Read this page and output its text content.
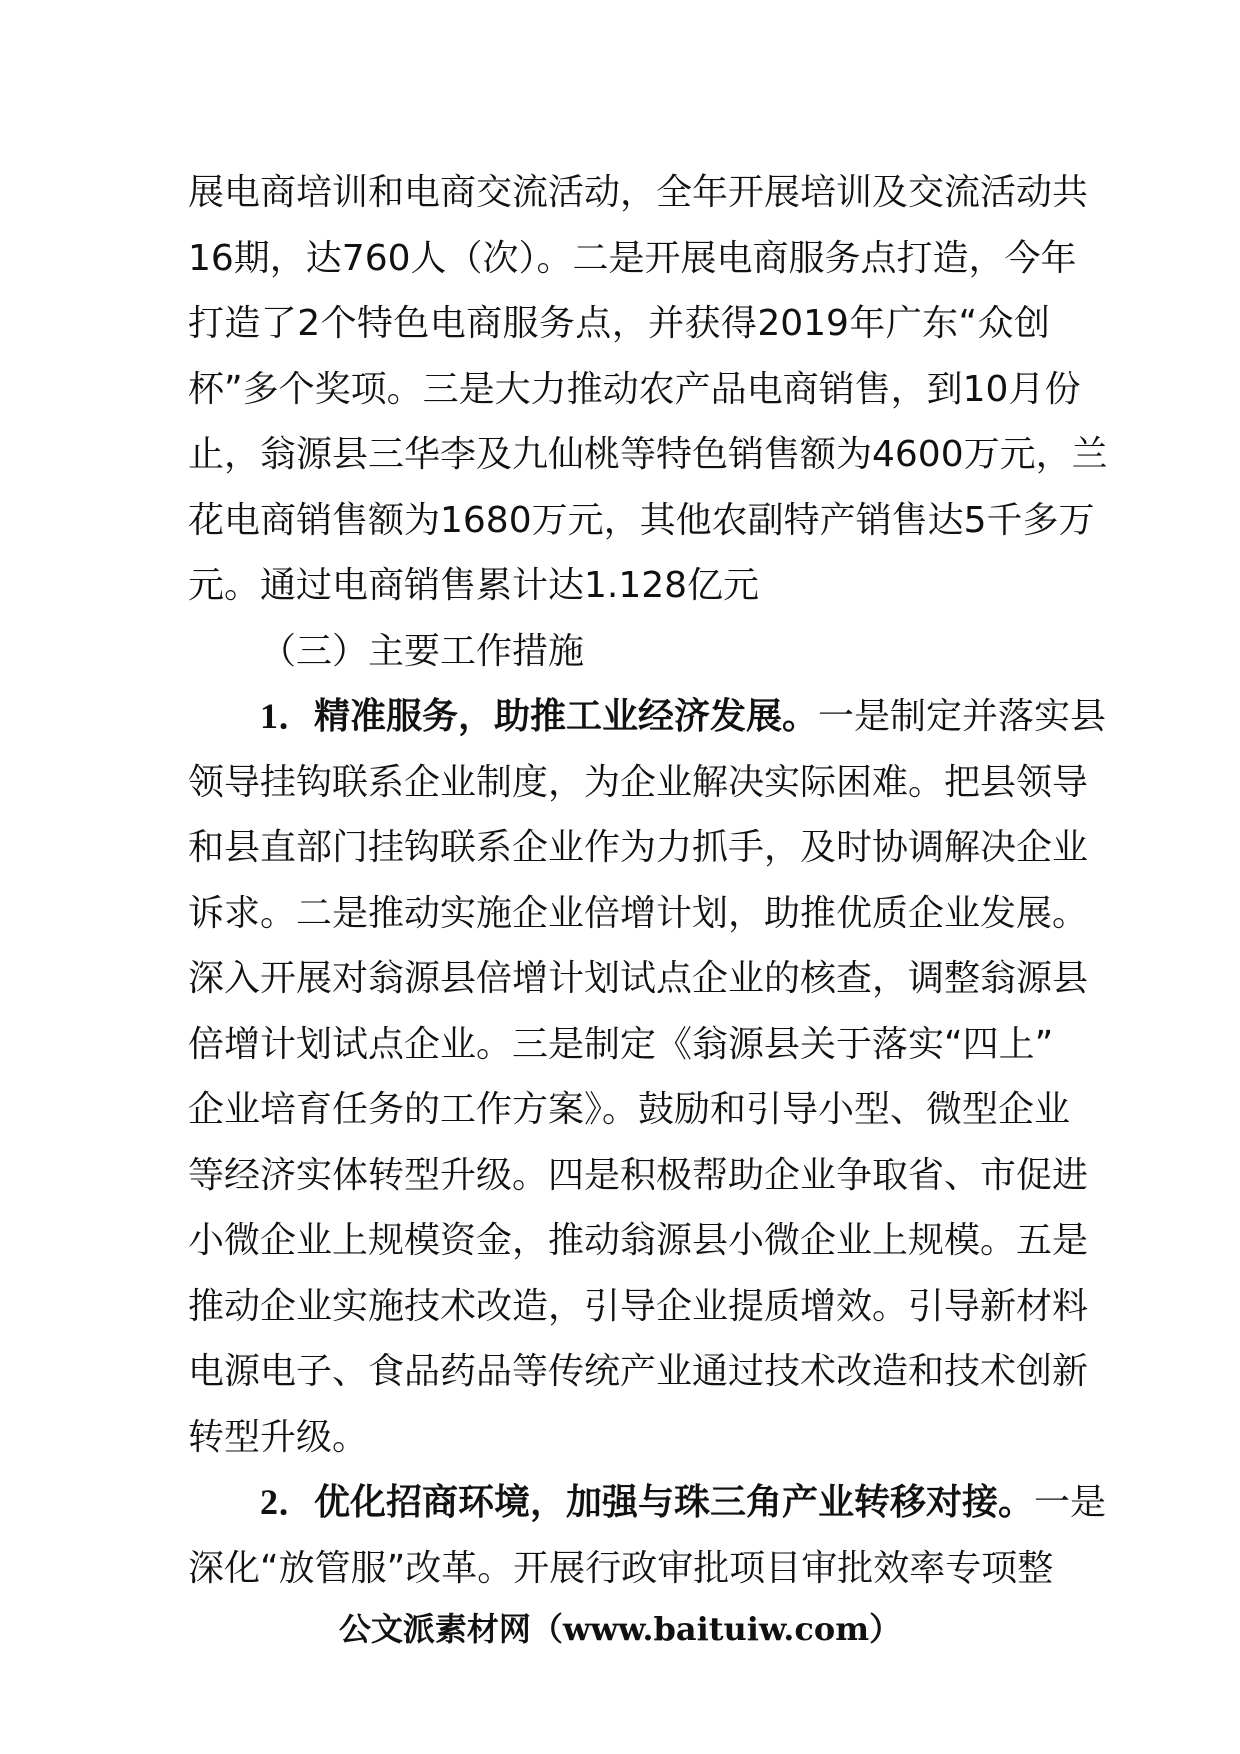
展电商培训和电商交流活动，全年开展培训及交流活动共
16期，达760人（次）。二是开展电商服务点打造，今年
打造了2个特色电商服务点，并获得2019年广东“众创
杯”多个奖项。三是大力推动农产品电商销售，到10月份
止，翁源县三华李及九仙桃等特色销售额为4600万元，兰
花电商销售额为1680万元，其他农副特产销售达5千多万
元。通过电商销售累计达1.128亿元

（三）主要工作措施

1．精准服务，助推工业经济发展。一是制定并落实县
领导挂钩联系企业制度，为企业解决实际困难。把县领导
和县直部门挂钩联系企业作为力抓手，及时协调解决企业
诉求。二是推动实施企业倍增计划，助推优质企业发展。
深入开展对翁源县倍增计划试点企业的核查，调整翁源县
倍增计划试点企业。三是制定《翁源县关于落实“四上”
企业培育任务的工作方案》。鼓励和引导小型、微型企业
等经济实体转型升级。四是积极帮助企业争取省、市促进
小微企业上规模资金，推动翁源县小微企业上规模。五是
推动企业实施技术改造，引导企业提质增效。引导新材料
电源电子、食品药品等传统产业通过技术改造和技术创新
转型升级。

2．优化招商环境，加强与珠三角产业转移对接。一是
深化“放管服”改革。开展行政审批项目审批效率专项整

公文派素材网（www.baituiw.com）
